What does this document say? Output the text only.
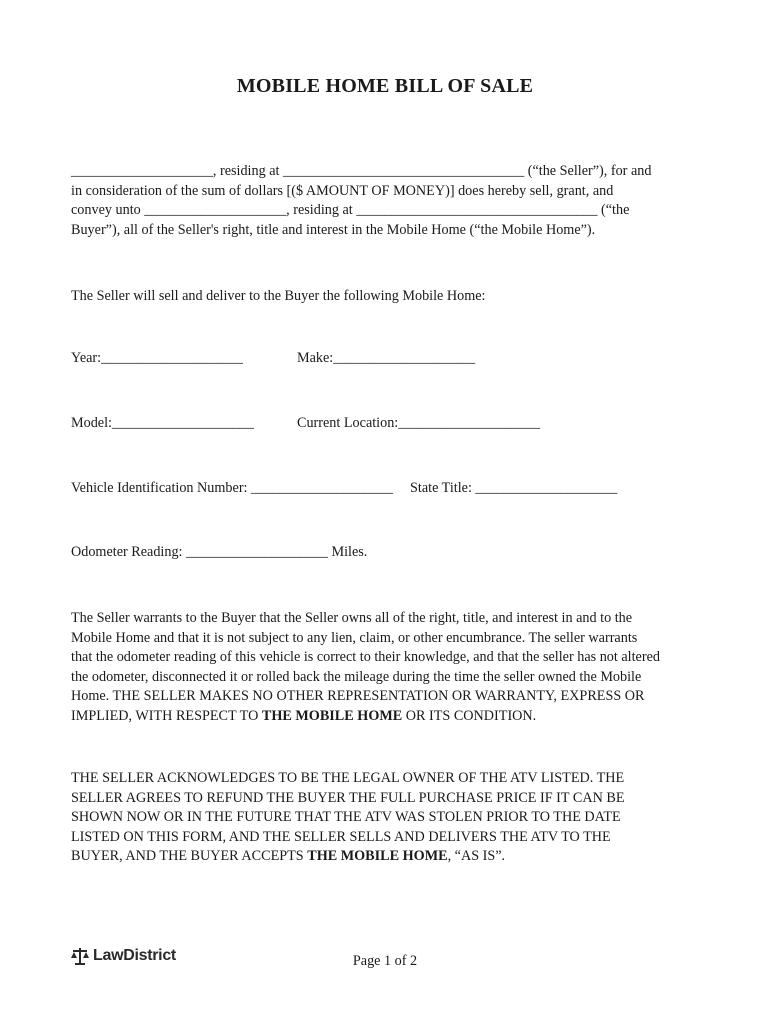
MOBILE HOME BILL OF SALE
____________________, residing at __________________________________ (“the Seller”), for and
in consideration of the sum of dollars [($ AMOUNT OF MONEY)] does hereby sell, grant, and
convey unto ____________________, residing at __________________________________ (“the
Buyer”), all of the Seller's right, title and interest in the Mobile Home (“the Mobile Home”).

The Seller will sell and deliver to the Buyer the following Mobile Home:

Year:____________________	Make:____________________

Model:____________________	Current Location:____________________

Vehicle Identification Number: ____________________ State Title: ____________________

Odometer Reading: ____________________ Miles.

The Seller warrants to the Buyer that the Seller owns all of the right, title, and interest in and to the
Mobile Home and that it is not subject to any lien, claim, or other encumbrance. The seller warrants
that the odometer reading of this vehicle is correct to their knowledge, and that the seller has not altered
the odometer, disconnected it or rolled back the mileage during the time the seller owned the Mobile
Home. THE SELLER MAKES NO OTHER REPRESENTATION OR WARRANTY, EXPRESS OR
IMPLIED, WITH RESPECT TO THE MOBILE HOME OR ITS CONDITION.
THE SELLER ACKNOWLEDGES TO BE THE LEGAL OWNER OF THE ATV LISTED. THE
SELLER AGREES TO REFUND THE BUYER THE FULL PURCHASE PRICE IF IT CAN BE
SHOWN NOW OR IN THE FUTURE THAT THE ATV WAS STOLEN PRIOR TO THE DATE
LISTED ON THIS FORM, AND THE SELLER SELLS AND DELIVERS THE ATV TO THE
BUYER, AND THE BUYER ACCEPTS THE MOBILE HOME, “AS IS”.
LawDistrict	Page 1 of 2
